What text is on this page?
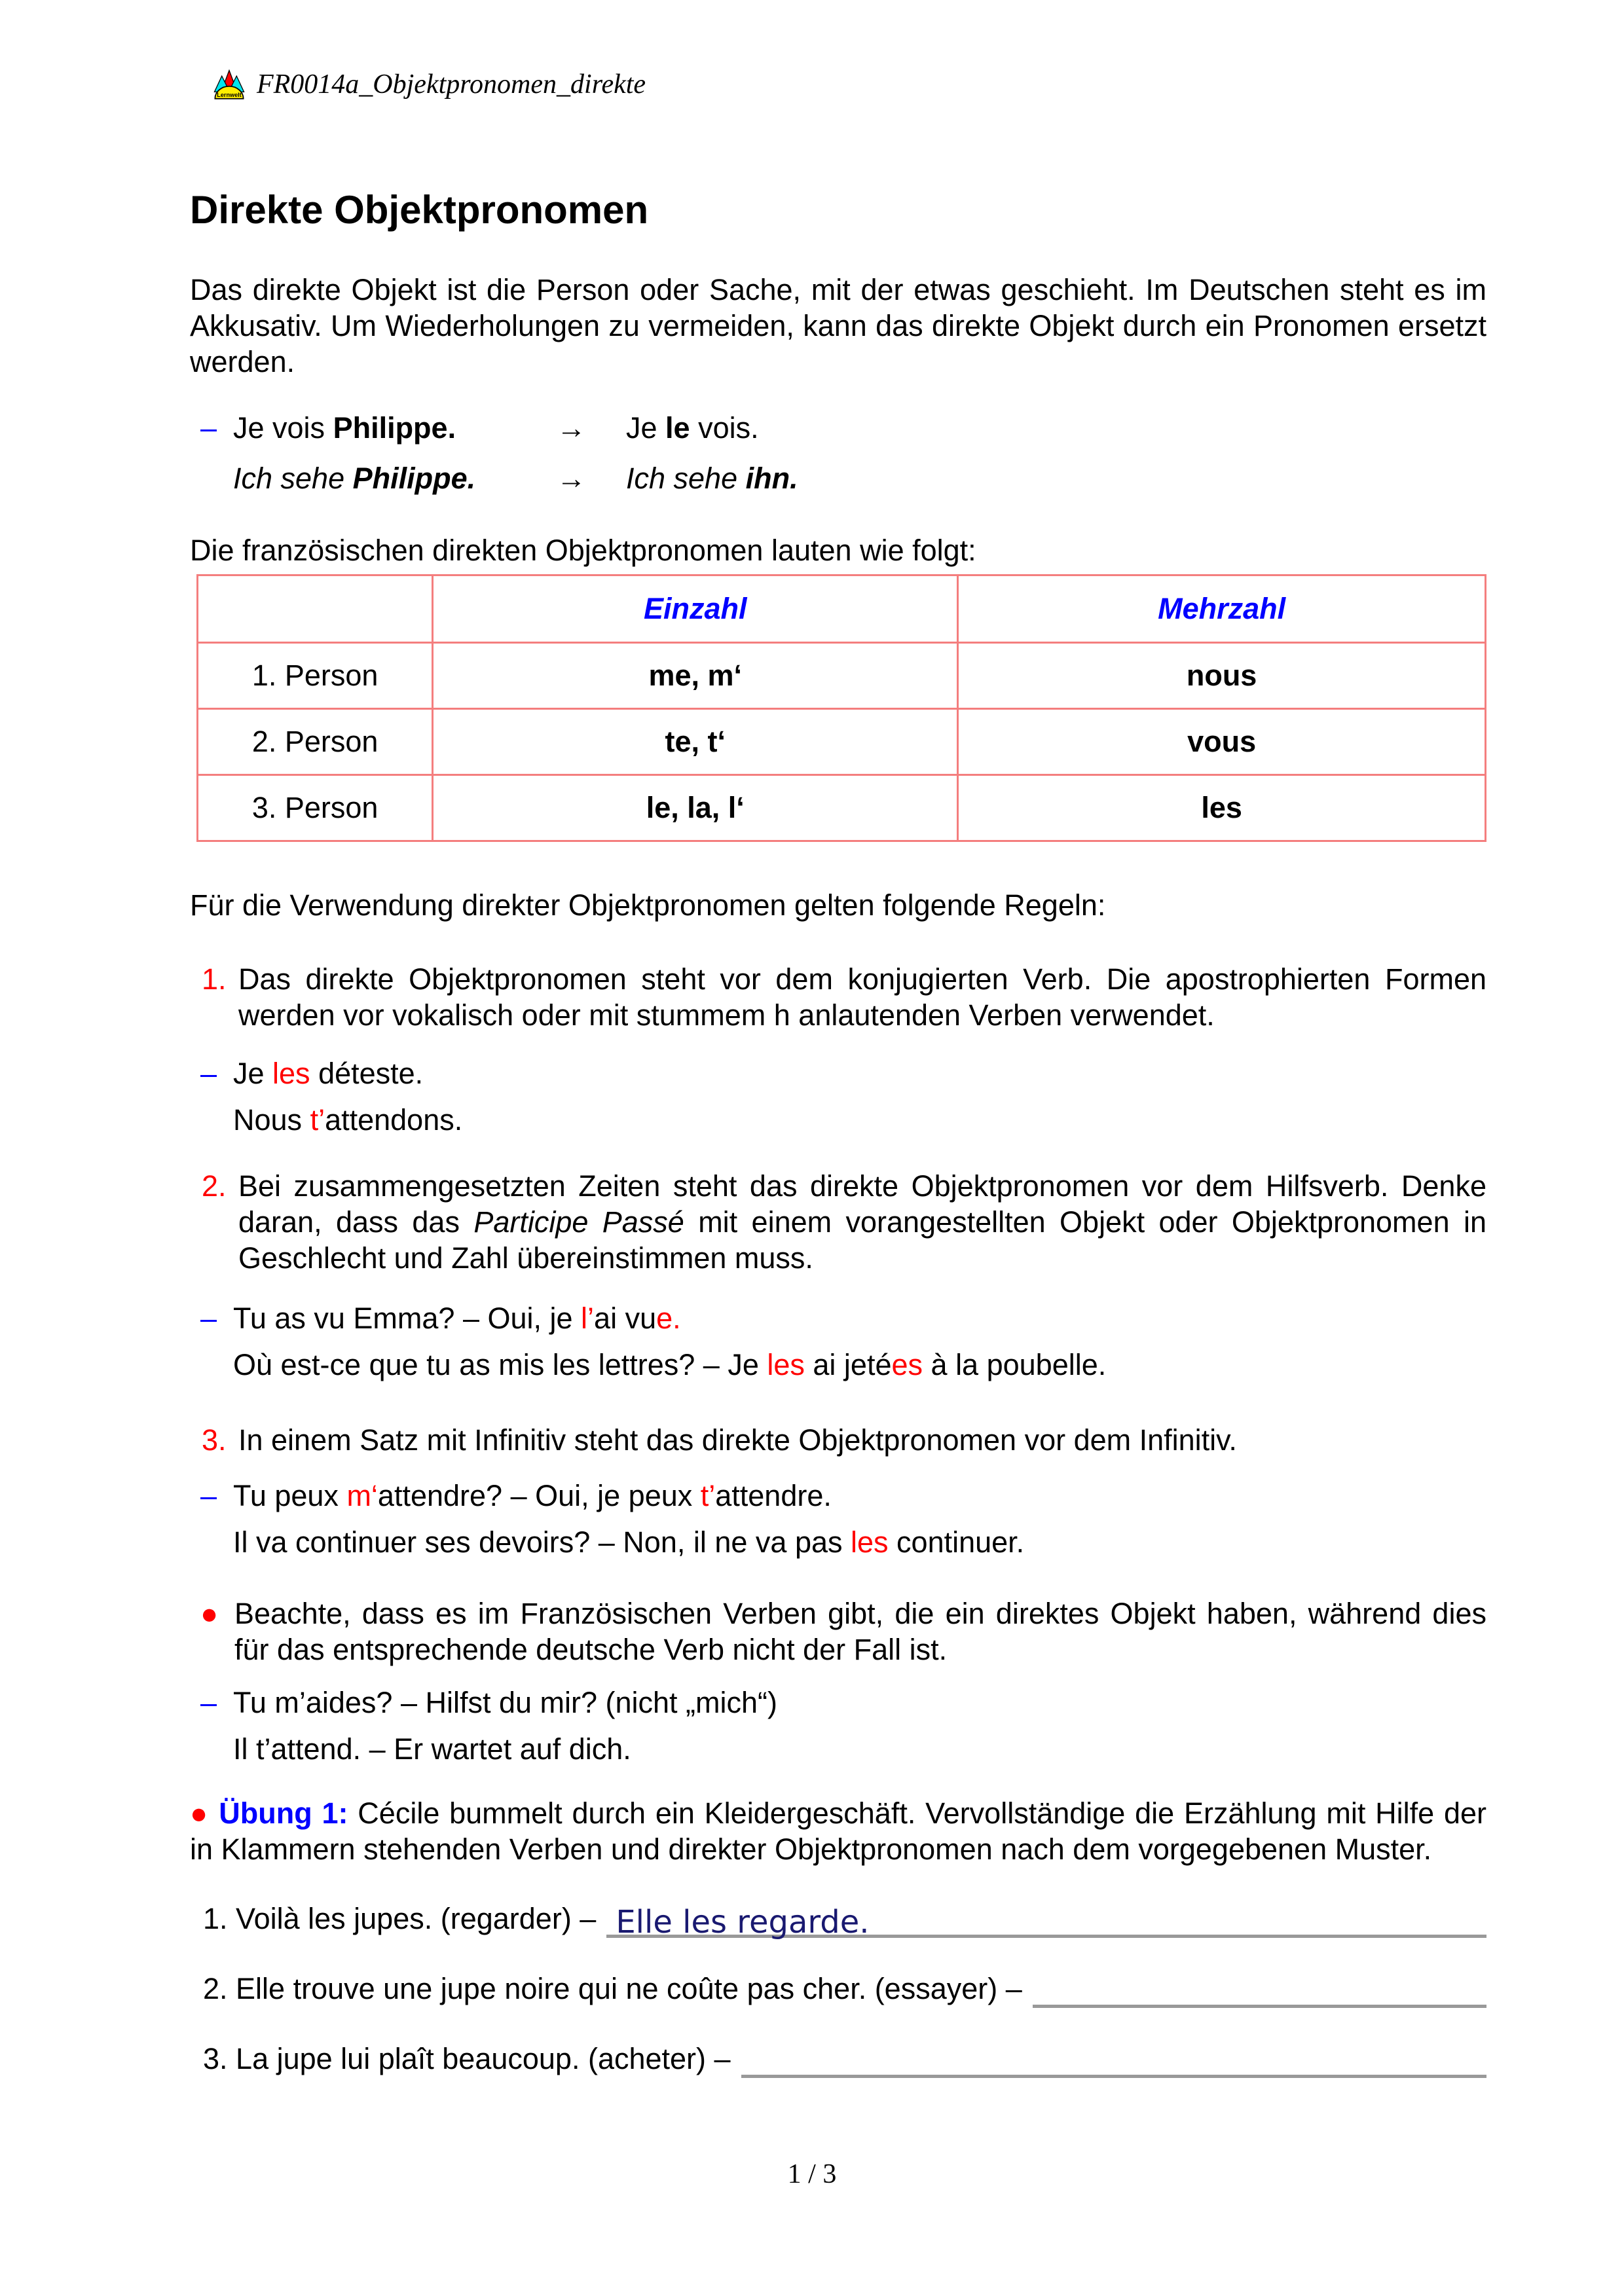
Lernwelt FR0014a_Objektpronomen_direkte
Direkte Objektpronomen

Das direkte Objekt ist die Person oder Sache, mit der etwas geschieht. Im Deutschen steht es im Akkusativ. Um Wiederholungen zu vermeiden, kann das direkte Objekt durch ein Pronomen ersetzt werden.

– Je vois Philippe.	→	Je le vois.
Ich sehe Philippe.	→	Ich sehe ihn.

Die französischen direkten Objektpronomen lauten wie folgt:

	Einzahl	Mehrzahl
1. Person	me, m‘	nous
2. Person	te, t‘	vous
3. Person	le, la, l‘	les

Für die Verwendung direkter Objektpronomen gelten folgende Regeln:

1. Das direkte Objektpronomen steht vor dem konjugierten Verb. Die apostrophierten Formen werden vor vokalisch oder mit stummem h anlautenden Verben verwendet.
– Je les déteste.
Nous t’attendons.
2. Bei zusammengesetzten Zeiten steht das direkte Objektpronomen vor dem Hilfsverb. Denke daran, dass das Participe Passé mit einem vorangestellten Objekt oder Objektpronomen in Geschlecht und Zahl übereinstimmen muss.
– Tu as vu Emma? – Oui, je l’ai vue.
Où est-ce que tu as mis les lettres? – Je les ai jetées à la poubelle.
3. In einem Satz mit Infinitiv steht das direkte Objektpronomen vor dem Infinitiv.
– Tu peux m‘attendre? – Oui, je peux t’attendre.
Il va continuer ses devoirs? – Non, il ne va pas les continuer.
● Beachte, dass es im Französischen Verben gibt, die ein direktes Objekt haben, während dies für das entsprechende deutsche Verb nicht der Fall ist.
– Tu m’aides? – Hilfst du mir? (nicht „mich“)
Il t’attend. – Er wartet auf dich.

● Übung 1: Cécile bummelt durch ein Kleidergeschäft. Vervollständige die Erzählung mit Hilfe der in Klammern stehenden Verben und direkter Objektpronomen nach dem vorgegebenen Muster.

1. Voilà les jupes. (regarder) – Elle les regarde.
2. Elle trouve une jupe noire qui ne coûte pas cher. (essayer) –
3. La jupe lui plaît beaucoup. (acheter) –
1 / 3
